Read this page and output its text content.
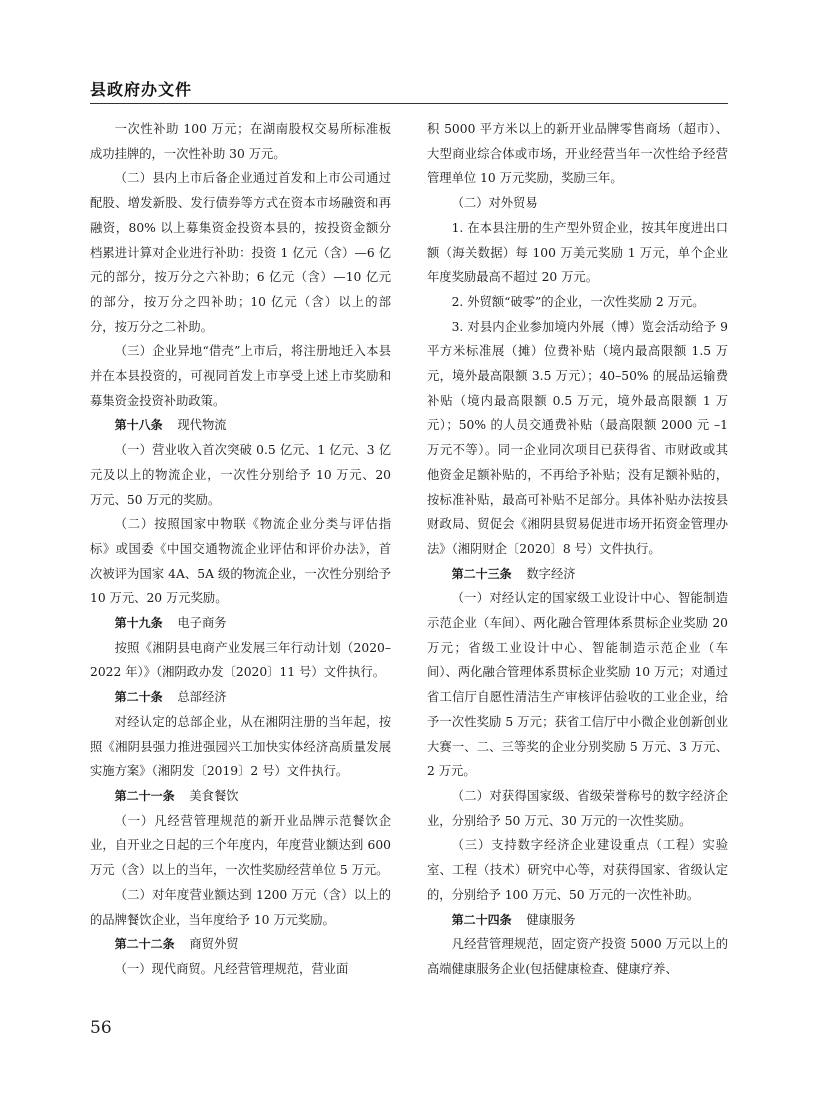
县政府办文件

一次性补助 100 万元；在湖南股权交易所标准板成功挂牌的，一次性补助 30 万元。

（二）县内上市后备企业通过首发和上市公司通过配股、增发新股、发行债券等方式在资本市场融资和再融资，80% 以上募集资金投资本县的，按投资金额分档累进计算对企业进行补助：投资 1 亿元（含）—6 亿元的部分，按万分之六补助；6 亿元（含）—10 亿元的部分，按万分之四补助；10 亿元（含）以上的部分，按万分之二补助。

（三）企业异地“借壳”上市后，将注册地迁入本县并在本县投资的，可视同首发上市享受上述上市奖励和募集资金投资补助政策。

第十八条 现代物流

（一）营业收入首次突破 0.5 亿元、1 亿元、3 亿元及以上的物流企业，一次性分别给予 10 万元、20 万元、50 万元的奖励。

（二）按照国家中物联《物流企业分类与评估指标》或国委《中国交通物流企业评估和评价办法》，首次被评为国家 4A、5A 级的物流企业，一次性分别给予 10 万元、20 万元奖励。

第十九条 电子商务

按照《湘阴县电商产业发展三年行动计划（2020–2022 年）》（湘阴政办发〔2020〕11 号）文件执行。

第二十条 总部经济

对经认定的总部企业，从在湘阴注册的当年起，按照《湘阴县强力推进强园兴工加快实体经济高质量发展实施方案》（湘阴发〔2019〕2 号）文件执行。

第二十一条 美食餐饮

（一）凡经营管理规范的新开业品牌示范餐饮企业，自开业之日起的三个年度内，年度营业额达到 600 万元（含）以上的当年，一次性奖励经营单位 5 万元。

（二）对年度营业额达到 1200 万元（含）以上的的品牌餐饮企业，当年度给予 10 万元奖励。

第二十二条 商贸外贸

（一）现代商贸。凡经营管理规范，营业面

积 5000 平方米以上的新开业品牌零售商场（超市）、大型商业综合体或市场，开业经营当年一次性给予经营管理单位 10 万元奖励，奖励三年。

（二）对外贸易

1. 在本县注册的生产型外贸企业，按其年度进出口额（海关数据）每 100 万美元奖励 1 万元，单个企业年度奖励最高不超过 20 万元。

2. 外贸额“破零”的企业，一次性奖励 2 万元。

3. 对县内企业参加境内外展（博）览会活动给予 9 平方米标准展（摊）位费补贴（境内最高限额 1.5 万元，境外最高限额 3.5 万元）；40–50% 的展品运输费补贴（境内最高限额 0.5 万元，境外最高限额 1 万元）；50% 的人员交通费补贴（最高限额 2000 元 –1 万元不等）。同一企业同次项目已获得省、市财政或其他资金足额补贴的，不再给予补贴；没有足额补贴的，按标准补贴，最高可补贴不足部分。具体补贴办法按县财政局、贸促会《湘阴县贸易促进市场开拓资金管理办法》（湘阴财企〔2020〕8 号）文件执行。

第二十三条 数字经济

（一）对经认定的国家级工业设计中心、智能制造示范企业（车间）、两化融合管理体系贯标企业奖励 20 万元；省级工业设计中心、智能制造示范企业（车间）、两化融合管理体系贯标企业奖励 10 万元；对通过省工信厅自愿性清洁生产审核评估验收的工业企业，给予一次性奖励 5 万元；获省工信厅中小微企业创新创业大赛一、二、三等奖的企业分别奖励 5 万元、3 万元、2 万元。

（二）对获得国家级、省级荣誉称号的数字经济企业，分别给予 50 万元、30 万元的一次性奖励。

（三）支持数字经济企业建设重点（工程）实验室、工程（技术）研究中心等，对获得国家、省级认定的，分别给予 100 万元、50 万元的一次性补助。

第二十四条 健康服务

凡经营管理规范，固定资产投资 5000 万元以上的高端健康服务企业(包括健康检查、健康疗养、

56
